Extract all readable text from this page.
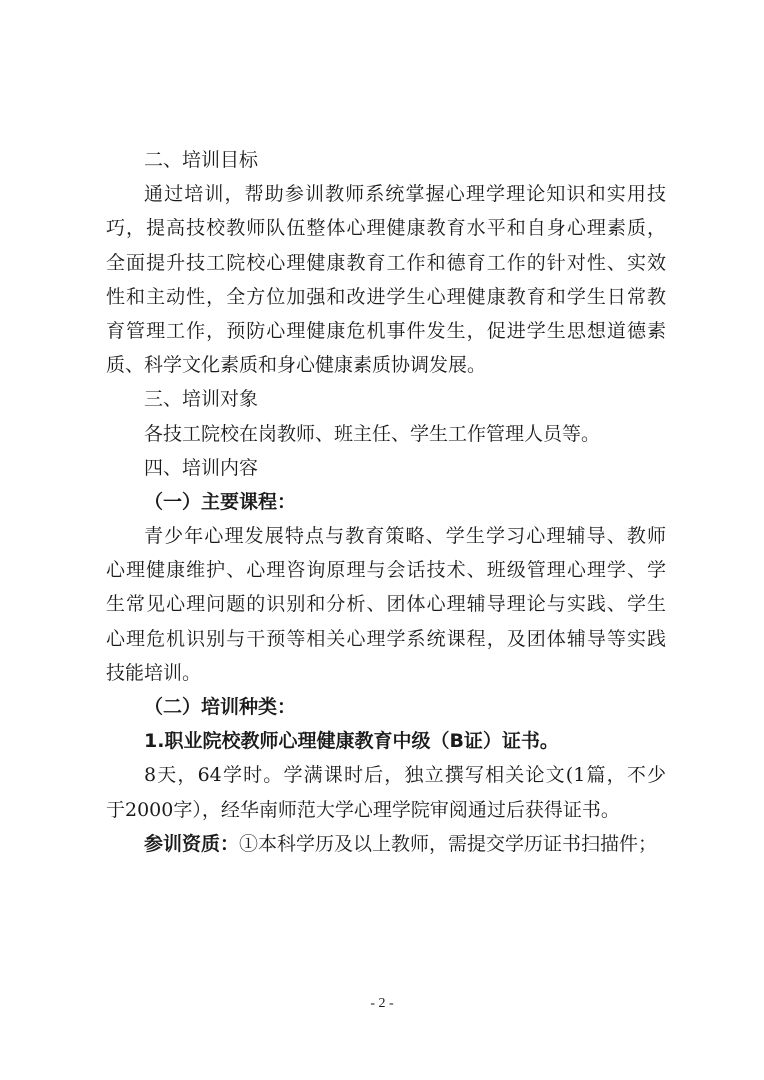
二、培训目标
通过培训，帮助参训教师系统掌握心理学理论知识和实用技
巧，提高技校教师队伍整体心理健康教育水平和自身心理素质，
全面提升技工院校心理健康教育工作和德育工作的针对性、实效
性和主动性，全方位加强和改进学生心理健康教育和学生日常教
育管理工作，预防心理健康危机事件发生，促进学生思想道德素
质、科学文化素质和身心健康素质协调发展。
三、培训对象
各技工院校在岗教师、班主任、学生工作管理人员等。
四、培训内容
（一）主要课程：
青少年心理发展特点与教育策略、学生学习心理辅导、教师
心理健康维护、心理咨询原理与会话技术、班级管理心理学、学
生常见心理问题的识别和分析、团体心理辅导理论与实践、学生
心理危机识别与干预等相关心理学系统课程，及团体辅导等实践
技能培训。
（二）培训种类：
1.职业院校教师心理健康教育中级（B证）证书。
8天，64学时。学满课时后，独立撰写相关论文(1篇，不少
于2000字），经华南师范大学心理学院审阅通过后获得证书。
参训资质：①本科学历及以上教师，需提交学历证书扫描件；
- 2 -
